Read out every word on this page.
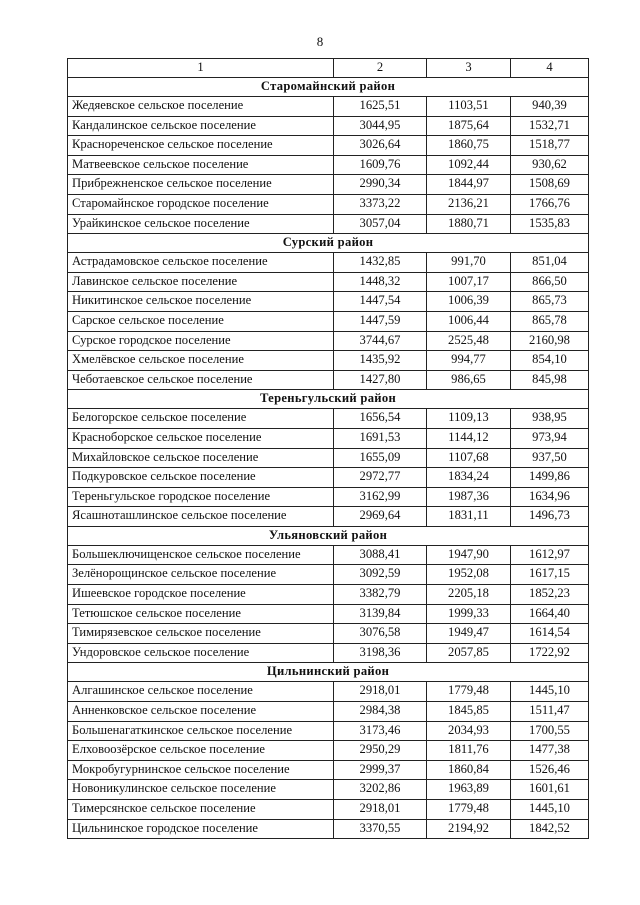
8
1	2	3	4
Старомайнский район			
Жедяевское сельское поселение	1625,51	1103,51	940,39
Кандалинское сельское поселение	3044,95	1875,64	1532,71
Краснореченское сельское поселение	3026,64	1860,75	1518,77
Матвеевское сельское поселение	1609,76	1092,44	930,62
Прибрежненское сельское поселение	2990,34	1844,97	1508,69
Старомайнское городское поселение	3373,22	2136,21	1766,76
Урайкинское сельское поселение	3057,04	1880,71	1535,83
Сурский район			
Астрадамовское сельское поселение	1432,85	991,70	851,04
Лавинское сельское поселение	1448,32	1007,17	866,50
Никитинское сельское поселение	1447,54	1006,39	865,73
Сарское сельское поселение	1447,59	1006,44	865,78
Сурское городское поселение	3744,67	2525,48	2160,98
Хмелёвское сельское поселение	1435,92	994,77	854,10
Чеботаевское сельское поселение	1427,80	986,65	845,98
Тереньгульский район			
Белогорское сельское поселение	1656,54	1109,13	938,95
Красноборское сельское поселение	1691,53	1144,12	973,94
Михайловское сельское поселение	1655,09	1107,68	937,50
Подкуровское сельское поселение	2972,77	1834,24	1499,86
Тереньгульское городское поселение	3162,99	1987,36	1634,96
Ясашноташлинское сельское поселение	2969,64	1831,11	1496,73
Ульяновский район			
Большеключищенское сельское поселение	3088,41	1947,90	1612,97
Зелёнорощинское сельское поселение	3092,59	1952,08	1617,15
Ишеевское городское поселение	3382,79	2205,18	1852,23
Тетюшское сельское поселение	3139,84	1999,33	1664,40
Тимирязевское сельское поселение	3076,58	1949,47	1614,54
Ундоровское сельское поселение	3198,36	2057,85	1722,92
Цильнинский район			
Алгашинское сельское поселение	2918,01	1779,48	1445,10
Анненковское сельское поселение	2984,38	1845,85	1511,47
Большенагаткинское сельское поселение	3173,46	2034,93	1700,55
Елховоозёрское сельское поселение	2950,29	1811,76	1477,38
Мокробугурнинское сельское поселение	2999,37	1860,84	1526,46
Новоникулинское сельское поселение	3202,86	1963,89	1601,61
Тимерсянское сельское поселение	2918,01	1779,48	1445,10
Цильнинское городское поселение	3370,55	2194,92	1842,52
